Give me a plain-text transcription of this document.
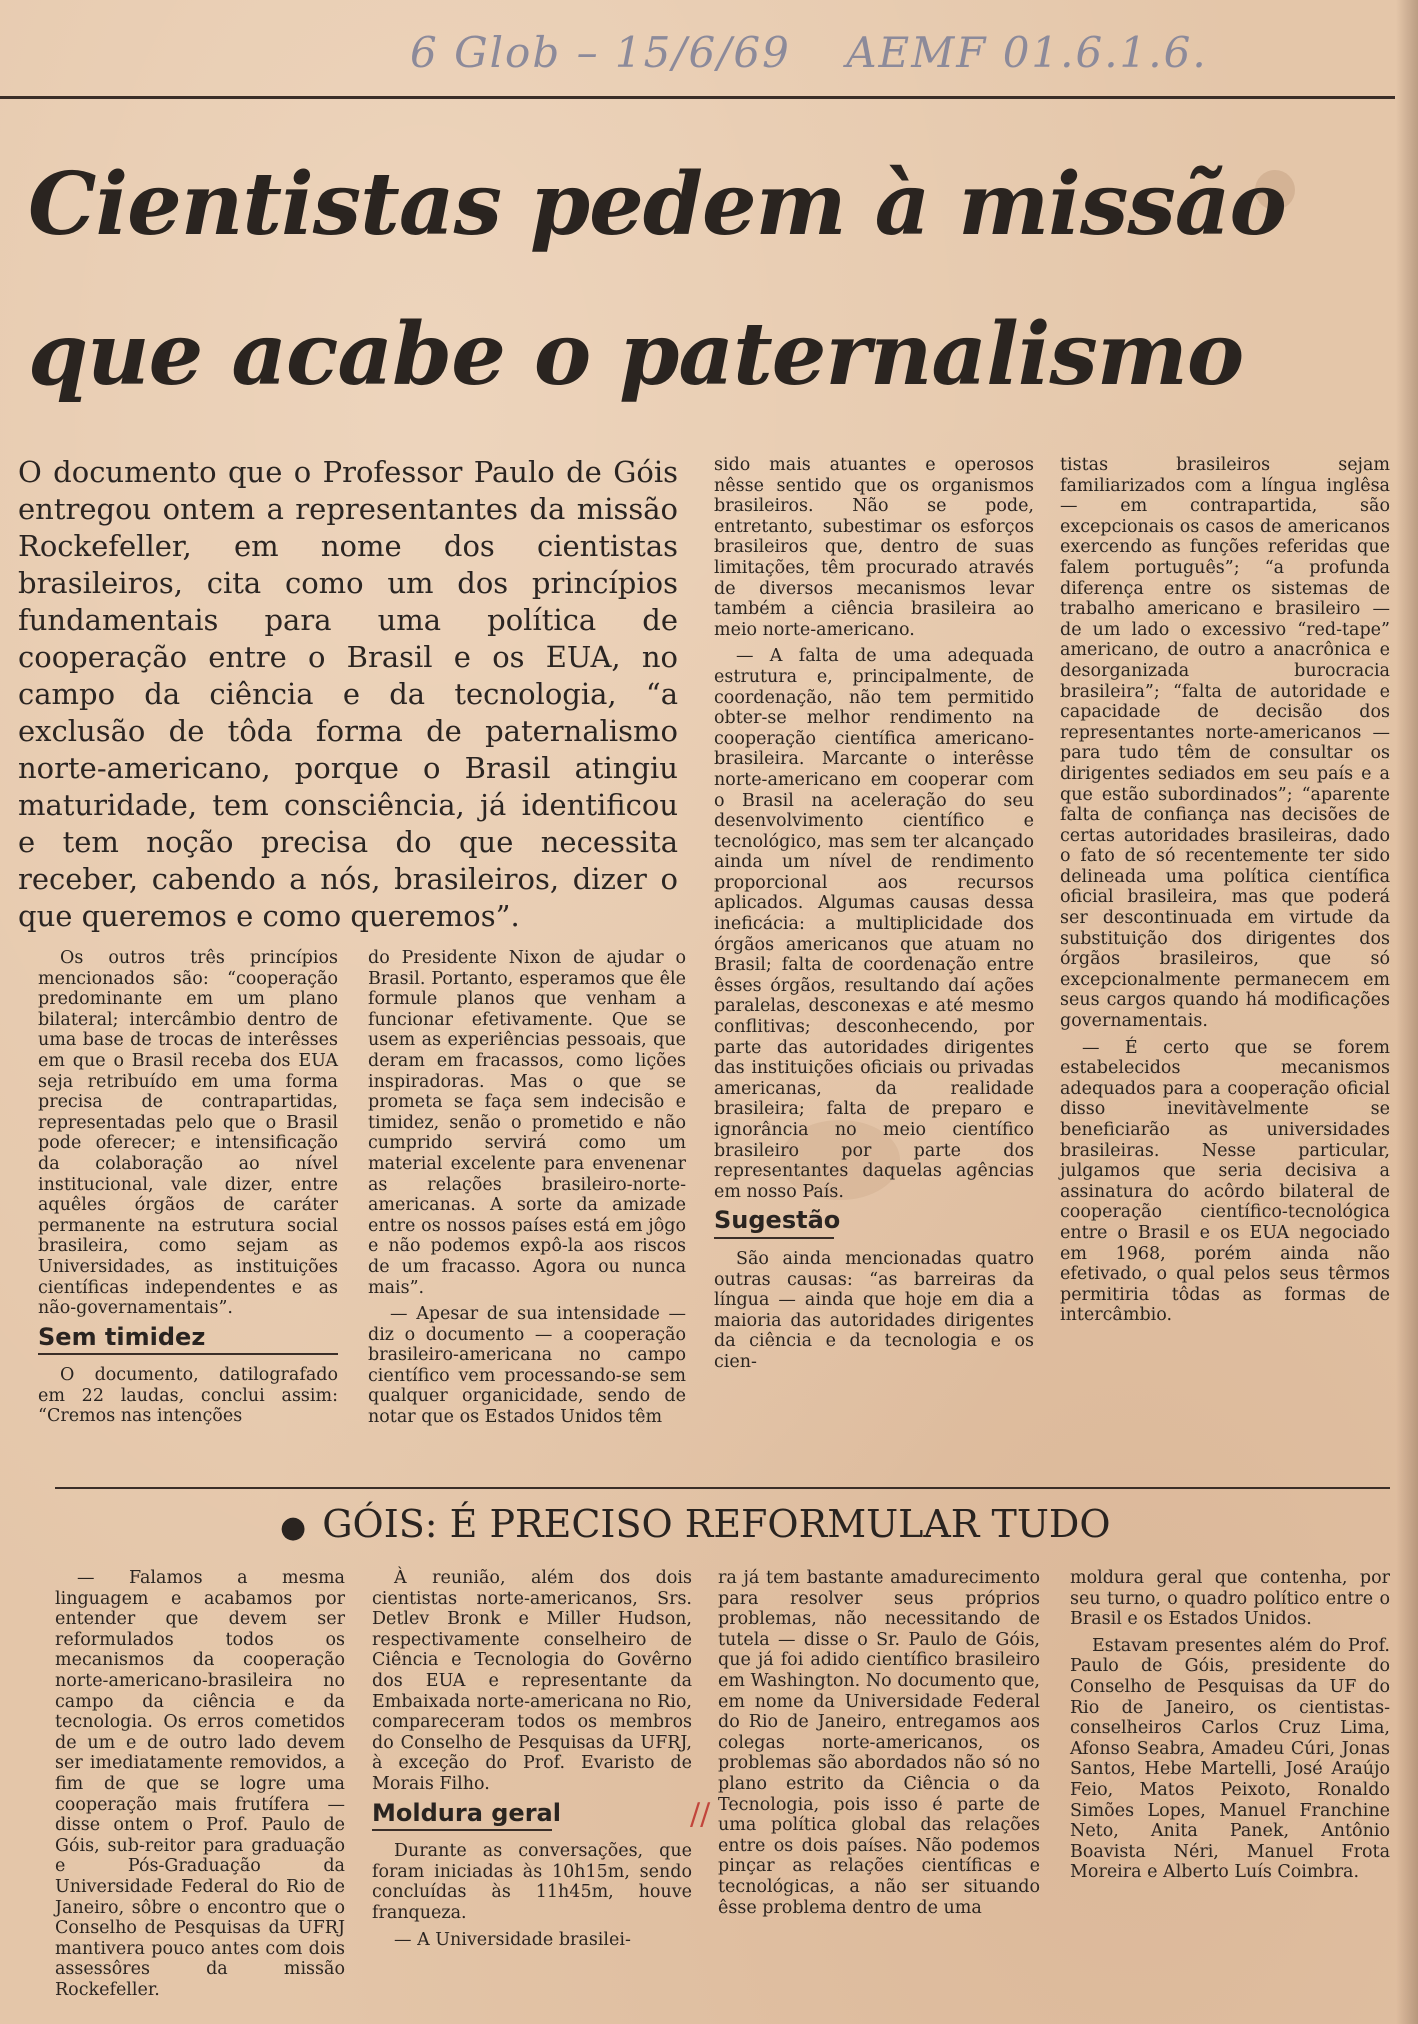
6 Glob – 15/6/69 AEMF 01.6.1.6.
Cientistas pedem à missão
que acabe o paternalismo
O documento que o Professor Paulo de Góis entregou ontem a representantes da missão Rockefeller, em nome dos cientistas brasileiros, cita como um dos princípios fundamentais para uma política de cooperação entre o Brasil e os EUA, no campo da ciência e da tecnologia, “a exclusão de tôda forma de paternalismo norte-americano, porque o Brasil atingiu maturidade, tem consciência, já identificou e tem noção precisa do que necessita receber, cabendo a nós, brasileiros, dizer o que queremos e como queremos”.

Os outros três princípios mencionados são: “cooperação predominante em um plano bilateral; intercâmbio dentro de uma base de trocas de interêsses em que o Brasil receba dos EUA seja retribuído em uma forma precisa de contrapartidas, representadas pelo que o Brasil pode oferecer; e intensificação da colaboração ao nível institucional, vale dizer, entre aquêles órgãos de caráter permanente na estrutura social brasileira, como sejam as Universidades, as instituições científicas independentes e as não-governamentais”.

Sem timidez

O documento, datilografado em 22 laudas, conclui assim: “Cremos nas intenções

do Presidente Nixon de ajudar o Brasil. Portanto, esperamos que êle formule planos que venham a funcionar efetivamente. Que se usem as experiências pessoais, que deram em fracassos, como lições inspiradoras. Mas o que se prometa se faça sem indecisão e timidez, senão o prometido e não cumprido servirá como um material excelente para envenenar as relações brasileiro-norte-americanas. A sorte da amizade entre os nossos países está em jôgo e não podemos expô-la aos riscos de um fracasso. Agora ou nunca mais”.

— Apesar de sua intensidade — diz o documento — a cooperação brasileiro-americana no campo científico vem processando-se sem qualquer organicidade, sendo de notar que os Estados Unidos têm

sido mais atuantes e operosos nêsse sentido que os organismos brasileiros. Não se pode, entretanto, subestimar os esforços brasileiros que, dentro de suas limitações, têm procurado através de diversos mecanismos levar também a ciência brasileira ao meio norte-americano.

— A falta de uma adequada estrutura e, principalmente, de coordenação, não tem permitido obter-se melhor rendimento na cooperação científica americano-brasileira. Marcante o interêsse norte-americano em cooperar com o Brasil na aceleração do seu desenvolvimento científico e tecnológico, mas sem ter alcançado ainda um nível de rendimento proporcional aos recursos aplicados. Algumas causas dessa ineficácia: a multiplicidade dos órgãos americanos que atuam no Brasil; falta de coordenação entre êsses órgãos, resultando daí ações paralelas, desconexas e até mesmo conflitivas; desconhecendo, por parte das autoridades dirigentes das instituições oficiais ou privadas americanas, da realidade brasileira; falta de preparo e ignorância no meio científico brasileiro por parte dos representantes daquelas agências em nosso País.

Sugestão

São ainda mencionadas quatro outras causas: “as barreiras da língua — ainda que hoje em dia a maioria das autoridades dirigentes da ciência e da tecnologia e os cien-

tistas brasileiros sejam familiarizados com a língua inglêsa — em contrapartida, são excepcionais os casos de americanos exercendo as funções referidas que falem português”; “a profunda diferença entre os sistemas de trabalho americano e brasileiro — de um lado o excessivo “red-tape” americano, de outro a anacrônica e desorganizada burocracia brasileira”; “falta de autoridade e capacidade de decisão dos representantes norte-americanos — para tudo têm de consultar os dirigentes sediados em seu país e a que estão subordinados”; “aparente falta de confiança nas decisões de certas autoridades brasileiras, dado o fato de só recentemente ter sido delineada uma política científica oficial brasileira, mas que poderá ser descontinuada em virtude da substituição dos dirigentes dos órgãos brasileiros, que só excepcionalmente permanecem em seus cargos quando há modificações governamentais.

— É certo que se forem estabelecidos mecanismos adequados para a cooperação oficial disso inevitàvelmente se beneficiarão as universidades brasileiras. Nesse particular, julgamos que seria decisiva a assinatura do acôrdo bilateral de cooperação científico-tecnológica entre o Brasil e os EUA negociado em 1968, porém ainda não efetivado, o qual pelos seus têrmos permitiria tôdas as formas de intercâmbio.

● GÓIS: É PRECISO REFORMULAR TUDO

— Falamos a mesma linguagem e acabamos por entender que devem ser reformulados todos os mecanismos da cooperação norte-americano-brasileira no campo da ciência e da tecnologia. Os erros cometidos de um e de outro lado devem ser imediatamente removidos, a fim de que se logre uma cooperação mais frutífera — disse ontem o Prof. Paulo de Góis, sub-reitor para graduação e Pós-Graduação da Universidade Federal do Rio de Janeiro, sôbre o encontro que o Conselho de Pesquisas da UFRJ mantivera pouco antes com dois assessôres da missão Rockefeller.

À reunião, além dos dois cientistas norte-americanos, Srs. Detlev Bronk e Miller Hudson, respectivamente conselheiro de Ciência e Tecnologia do Govêrno dos EUA e representante da Embaixada norte-americana no Rio, compareceram todos os membros do Conselho de Pesquisas da UFRJ, à exceção do Prof. Evaristo de Morais Filho.

Moldura geral

Durante as conversações, que foram iniciadas às 10h15m, sendo concluídas às 11h45m, houve franqueza.

— A Universidade brasilei-

//

ra já tem bastante amadurecimento para resolver seus próprios problemas, não necessitando de tutela — disse o Sr. Paulo de Góis, que já foi adido científico brasileiro em Washington. No documento que, em nome da Universidade Federal do Rio de Janeiro, entregamos aos colegas norte-americanos, os problemas são abordados não só no plano estrito da Ciência o da Tecnologia, pois isso é parte de uma política global das relações entre os dois países. Não podemos pinçar as relações científicas e tecnológicas, a não ser situando êsse problema dentro de uma

moldura geral que contenha, por seu turno, o quadro político entre o Brasil e os Estados Unidos.

Estavam presentes além do Prof. Paulo de Góis, presidente do Conselho de Pesquisas da UF do Rio de Janeiro, os cientistas-conselheiros Carlos Cruz Lima, Afonso Seabra, Amadeu Cúri, Jonas Santos, Hebe Martelli, José Araújo Feio, Matos Peixoto, Ronaldo Simões Lopes, Manuel Franchine Neto, Anita Panek, Antônio Boavista Néri, Manuel Frota Moreira e Alberto Luís Coimbra.
